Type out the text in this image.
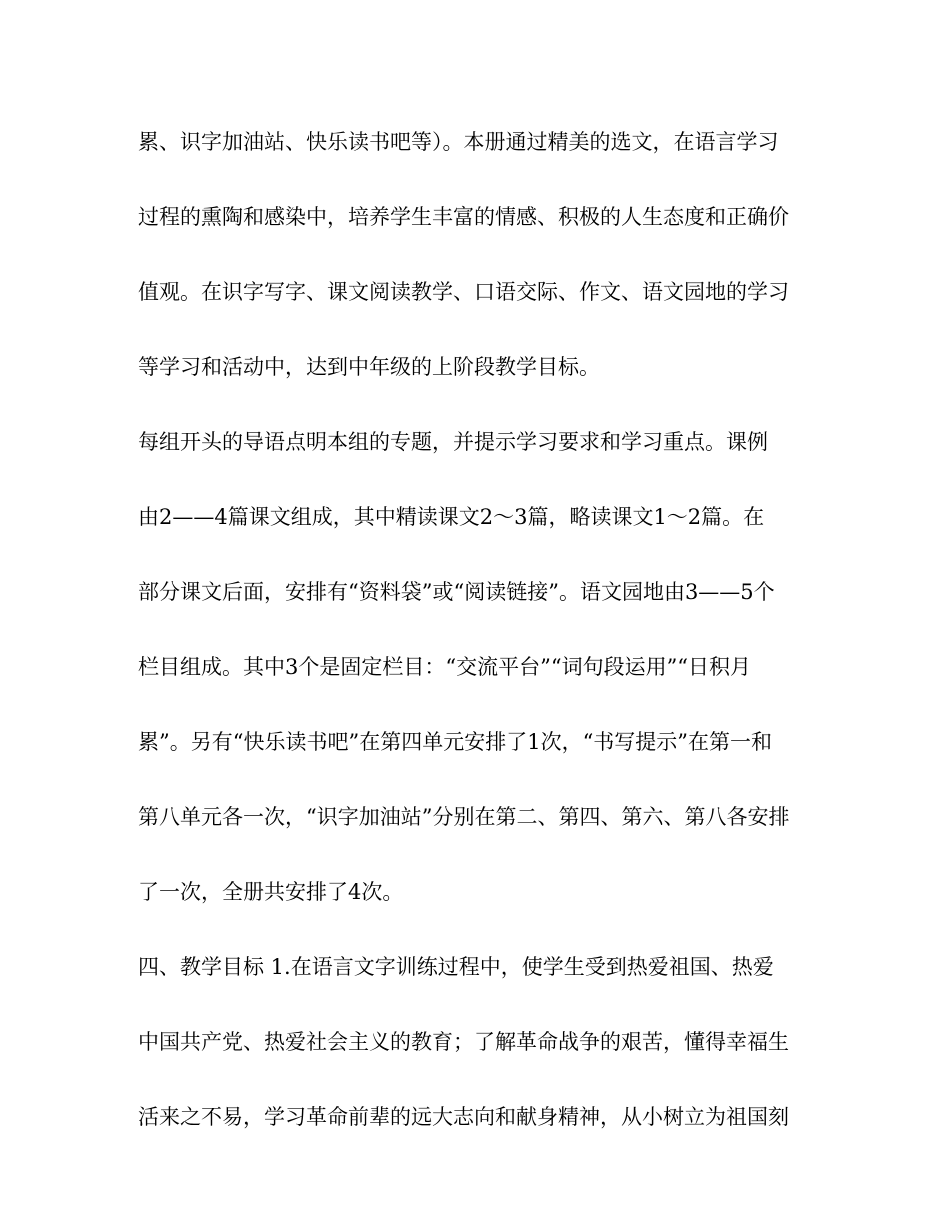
累、识字加油站、快乐读书吧等）。本册通过精美的选文，在语言学习
过程的熏陶和感染中，培养学生丰富的情感、积极的人生态度和正确价
值观。在识字写字、课文阅读教学、口语交际、作文、语文园地的学习
等学习和活动中，达到中年级的上阶段教学目标。
每组开头的导语点明本组的专题，并提示学习要求和学习重点。课例
由2——4篇课文组成，其中精读课文2～3篇，略读课文1～2篇。在
部分课文后面，安排有“资料袋”或“阅读链接”。语文园地由3——5个
栏目组成。其中3个是固定栏目：“交流平台”“词句段运用”“日积月
累”。另有“快乐读书吧”在第四单元安排了1次，“书写提示”在第一和
第八单元各一次，“识字加油站”分别在第二、第四、第六、第八各安排
了一次，全册共安排了4次。
四、教学目标 1.在语言文字训练过程中，使学生受到热爱祖国、热爱
中国共产党、热爱社会主义的教育；了解革命战争的艰苦，懂得幸福生
活来之不易，学习革命前辈的远大志向和献身精神，从小树立为祖国刻
